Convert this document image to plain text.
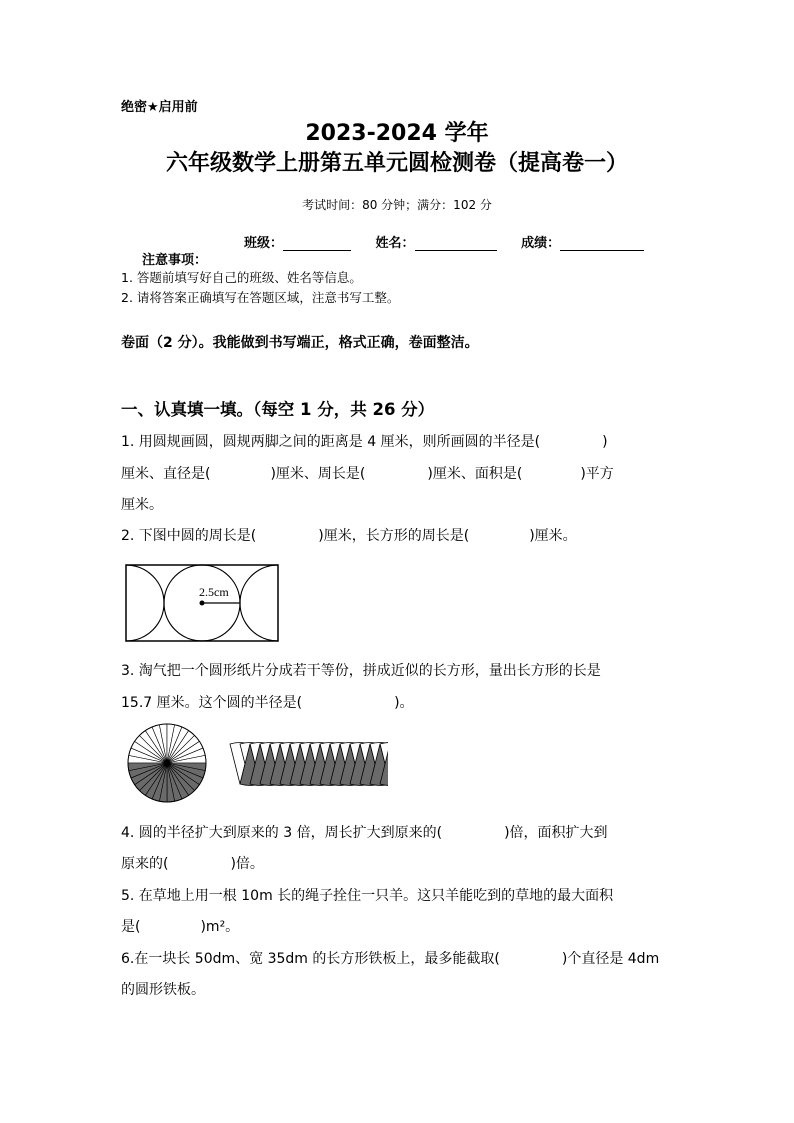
绝密★启用前
2023-2024 学年
六年级数学上册第五单元圆检测卷（提高卷一）
考试时间：80 分钟；满分：102 分
班级：	姓名：	成绩：
注意事项：
1. 答题前填写好自己的班级、姓名等信息。
2. 请将答案正确填写在答题区域，注意书写工整。
卷面（2 分）。我能做到书写端正，格式正确，卷面整洁。
一、认真填一填。（每空 1 分，共 26 分）
1. 用圆规画圆，圆规两脚之间的距离是 4 厘米，则所画圆的半径是(	)
厘米、直径是(	)厘米、周长是(	)厘米、面积是(	)平方
厘米。
2. 下图中圆的周长是(	)厘米，长方形的周长是(	)厘米。
2.5cm
3. 淘气把一个圆形纸片分成若干等份，拼成近似的长方形，量出长方形的长是
15.7 厘米。这个圆的半径是(	)。
4. 圆的半径扩大到原来的 3 倍，周长扩大到原来的(	)倍，面积扩大到
原来的(	)倍。
5. 在草地上用一根 10m 长的绳子拴住一只羊。这只羊能吃到的草地的最大面积
是(	)m²。
6.在一块长 50dm、宽 35dm 的长方形铁板上，最多能截取(	)个直径是 4dm
的圆形铁板。
